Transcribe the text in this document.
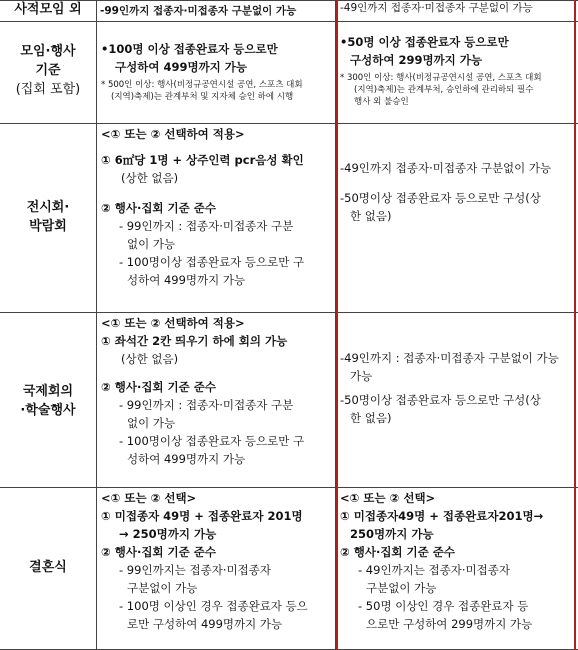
사적모임 외	-99인까지 접종자·미접종자 구분없이 가능	-49인까지 접종자·미접종자 구분없이 가능
모임·행사
기준
(집회 포함)
•100명 이상 접종완료자 등으로만
구성하여 499명까지 가능
* 500인 이상: 행사(비정규공연시설 공연, 스포츠 대회
(지역)축제)는 관계부처 및 지자체 승인 하에 시행
•50명 이상 접종완료자 등으로만
구성하여 299명까지 가능
* 300인 이상: 행사(비정규공연시설 공연, 스포츠 대회
(지역)축제)는 관계부처, 승인하에 관리하되 필수
행사 외 불승인
전시회·
박람회
<① 또는 ② 선택하여 적용>
① 6㎡당 1명 + 상주인력 pcr음성 확인
(상한 없음)
② 행사·집회 기준 준수
- 99인까지 : 접종자·미접종자 구분
없이 가능
- 100명이상 접종완료자 등으로만 구
성하여 499명까지 가능
-49인까지 접종자·미접종자 구분없이 가능
-50명이상 접종완료자 등으로만 구성(상
한 없음)
국제회의
·학술행사
<① 또는 ② 선택하여 적용>
① 좌석간 2칸 띄우기 하에 회의 가능
(상한 없음)
② 행사·집회 기준 준수
- 99인까지 : 접종자·미접종자 구분
없이 가능
- 100명이상 접종완료자 등으로만 구
성하여 499명까지 가능
-49인까지 : 접종자·미접종자 구분없이 가능
가능
-50명이상 접종완료자 등으로만 구성(상
한 없음)
결혼식
<① 또는 ② 선택>
① 미접종자 49명 + 접종완료자 201명
→ 250명까지 가능
② 행사·집회 기준 준수
- 99인까지는 접종자·미접종자
구분없이 가능
- 100명 이상인 경우 접종완료자 등으
로만 구성하여 499명까지 가능
<① 또는 ② 선택>
① 미접종자49명 + 접종완료자201명→
250명까지 가능
② 행사·집회 기준 준수
- 49인까지는 접종자·미접종자
구분없이 가능
- 50명 이상인 경우 접종완료자 등
으로만 구성하여 299명까지 가능
